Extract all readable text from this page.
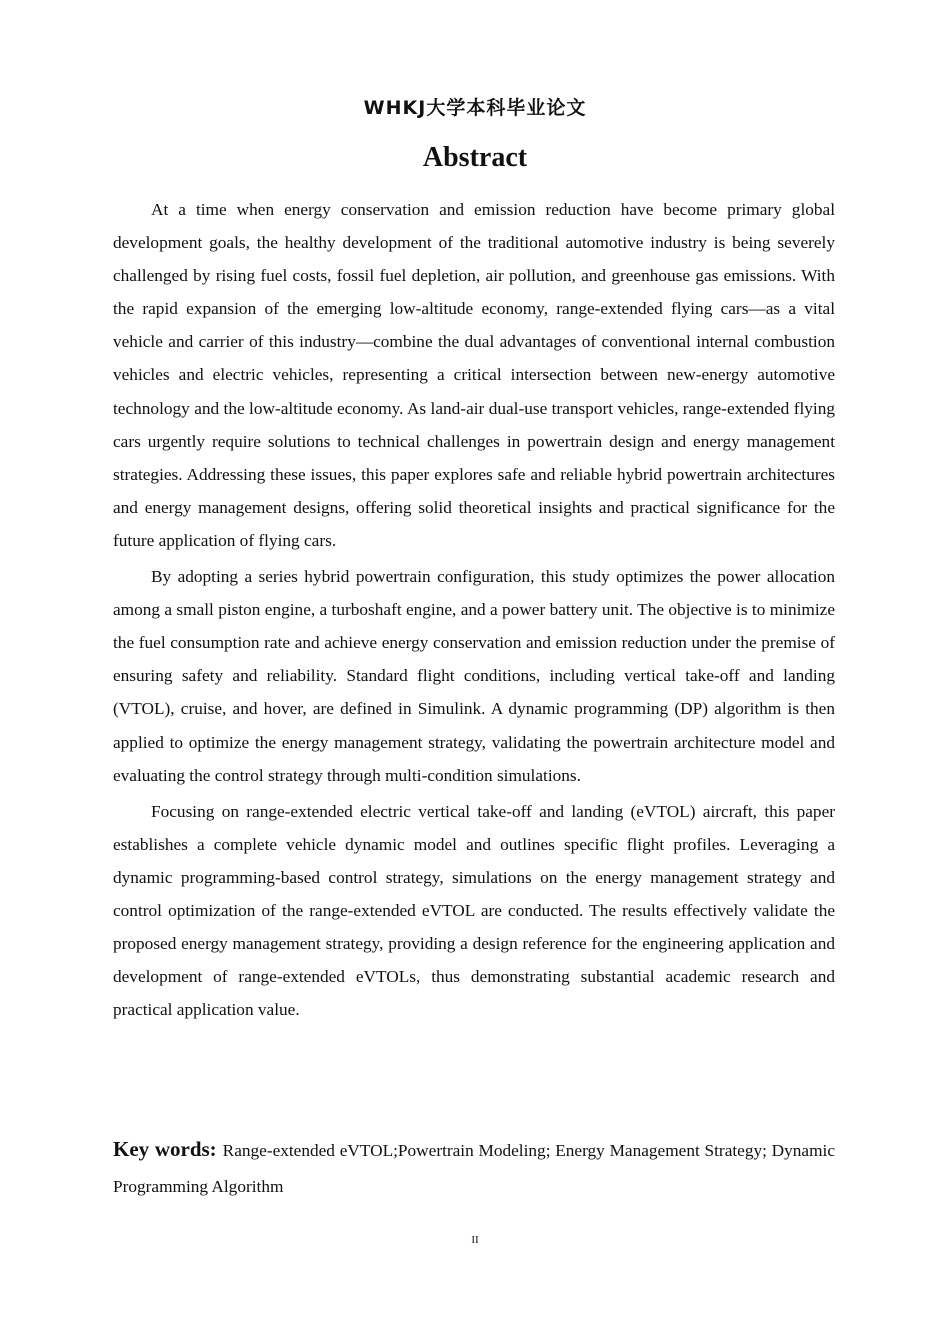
WHKJ大学本科毕业论文
Abstract

At a time when energy conservation and emission reduction have become primary global development goals, the healthy development of the traditional automotive industry is being severely challenged by rising fuel costs, fossil fuel depletion, air pollution, and greenhouse gas emissions. With the rapid expansion of the emerging low-altitude economy, range-extended flying cars—as a vital vehicle and carrier of this industry—combine the dual advantages of conventional internal combustion vehicles and electric vehicles, representing a critical intersection between new-energy automotive technology and the low-altitude economy. As land-air dual-use transport vehicles, range-extended flying cars urgently require solutions to technical challenges in powertrain design and energy management strategies. Addressing these issues, this paper explores safe and reliable hybrid powertrain architectures and energy management designs, offering solid theoretical insights and practical significance for the future application of flying cars.

By adopting a series hybrid powertrain configuration, this study optimizes the power allocation among a small piston engine, a turboshaft engine, and a power battery unit. The objective is to minimize the fuel consumption rate and achieve energy conservation and emission reduction under the premise of ensuring safety and reliability. Standard flight conditions, including vertical take-off and landing (VTOL), cruise, and hover, are defined in Simulink. A dynamic programming (DP) algorithm is then applied to optimize the energy management strategy, validating the powertrain architecture model and evaluating the control strategy through multi-condition simulations.

Focusing on range-extended electric vertical take-off and landing (eVTOL) aircraft, this paper establishes a complete vehicle dynamic model and outlines specific flight profiles. Leveraging a dynamic programming-based control strategy, simulations on the energy management strategy and control optimization of the range-extended eVTOL are conducted. The results effectively validate the proposed energy management strategy, providing a design reference for the engineering application and development of range-extended eVTOLs, thus demonstrating substantial academic research and practical application value.

Key words: Range-extended eVTOL;Powertrain Modeling; Energy Management Strategy; Dynamic Programming Algorithm
II
